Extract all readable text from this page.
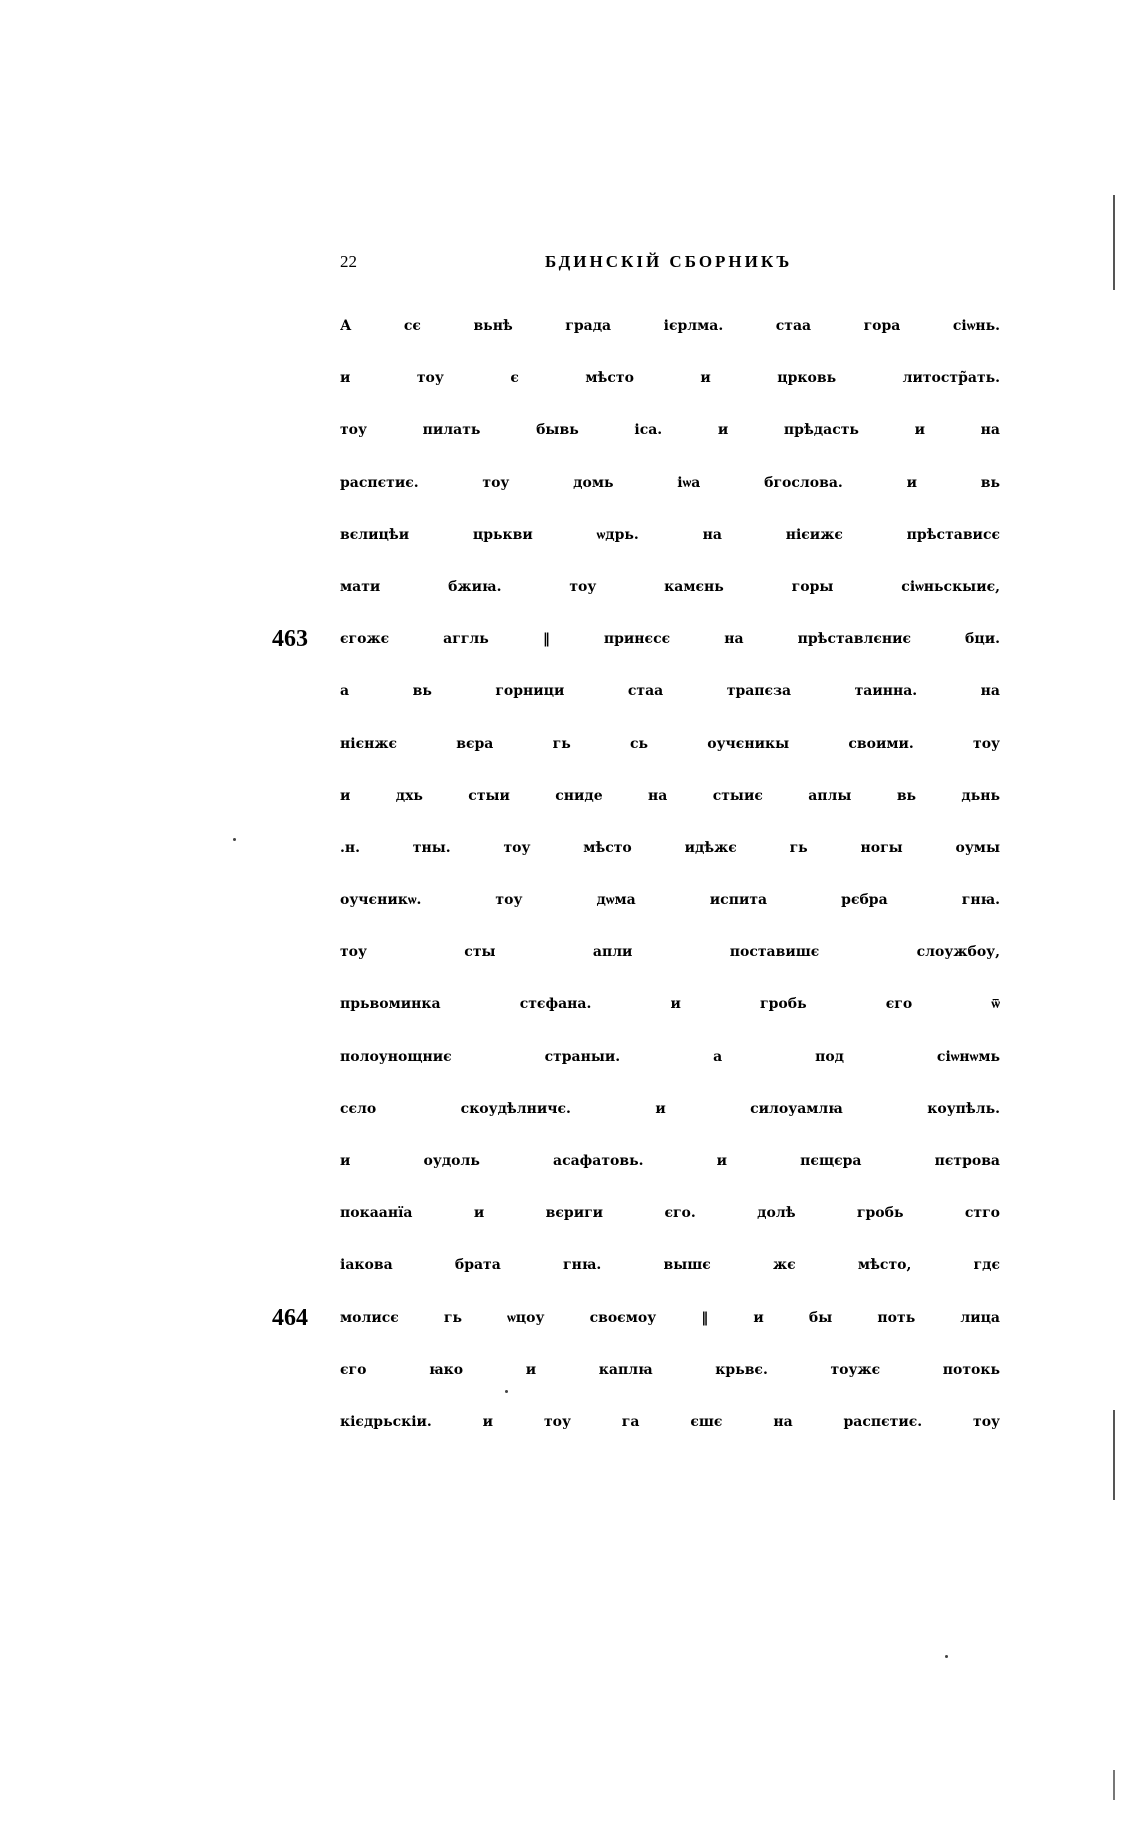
22	БДИНСКІЙ СБОРНИКЪ
А сє вьнѣ града ієрлма. стаа гора сіѡнь.
и тоу є мѣсто и црковь литостр̃ать.
тоу пилать бывь іса. и прѣдасть и на
распєтиє. тоу домь іѡа бгослова. и вь
вєлицѣи црькви ѡдрь. на нієижє прѣстависє
мати бжиꙗ. тоу камєнь горы сіѡньскыиє,
463 єгожє аггль ‖ принєсє на прѣставлєниє бци.
а вь горници стаа трапєза таинна. на
нієнжє вєра гь сь оучєникы своими. тоу
и дхь стыи сниде на стыиє аплы вь дьнь
.н. тны. тоу мѣсто идѣжє гь ногы оумы
оучєникѡ. тоу дѡма испита рєбра гнꙗ.
тоу сты апли поставишє слоужбоу,
прьвоминка стєфана. и гробь єго ѿ
полоунощниє страныи. а под сіѡнѡмь
сєло скоудѣлничє. и силоуамлꙗ коупѣль.
и оудоль асафатовь. и пєщєра пєтрова
покаанїа и вєриги єго. долѣ гробь стго
іакова брата гнꙗ. вышє жє мѣсто, гдє
464 молисє гь ѡцоу своємоу ‖ и бы поть лица
єго ꙗко и каплꙗ крьвє. тоужє потокь
кієдрьскіи. и тоу га єшє на распєтиє. тоу
